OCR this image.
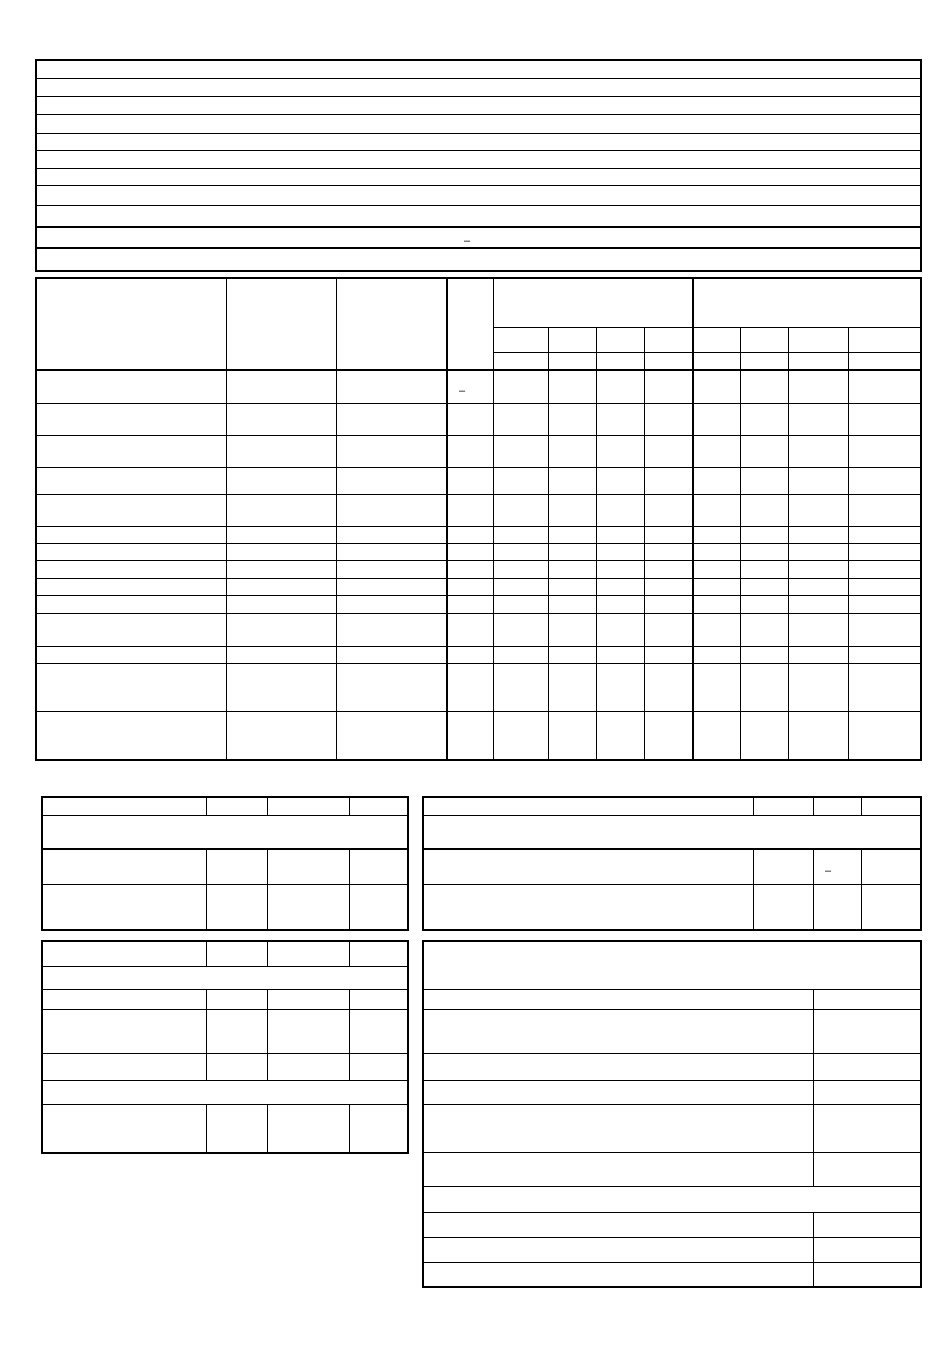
–
–
–
